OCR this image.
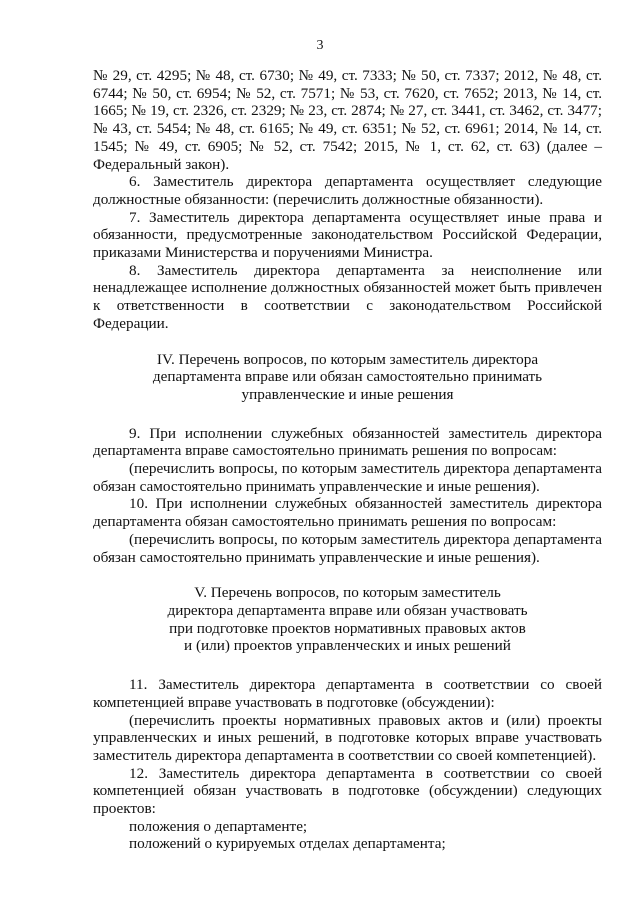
3

№ 29, ст. 4295; № 48, ст. 6730; № 49, ст. 7333; № 50, ст. 7337; 2012, № 48, ст. 6744; № 50, ст. 6954; № 52, ст. 7571; № 53, ст. 7620, ст. 7652; 2013, № 14, ст. 1665; № 19, ст. 2326, ст. 2329; № 23, ст. 2874; № 27, ст. 3441, ст. 3462, ст. 3477; № 43, ст. 5454; № 48, ст. 6165; № 49, ст. 6351; № 52, ст. 6961; 2014, № 14, ст. 1545; № 49, ст. 6905; № 52, ст. 7542; 2015, № 1, ст. 62, ст. 63) (далее – Федеральный закон).

6. Заместитель директора департамента осуществляет следующие должностные обязанности: (перечислить должностные обязанности).

7. Заместитель директора департамента осуществляет иные права и обязанности, предусмотренные законодательством Российской Федерации, приказами Министерства и поручениями Министра.

8. Заместитель директора департамента за неисполнение или ненадлежащее исполнение должностных обязанностей может быть привлечен к ответственности в соответствии с законодательством Российской Федерации.

IV. Перечень вопросов, по которым заместитель директора
департамента вправе или обязан самостоятельно принимать
управленческие и иные решения

9. При исполнении служебных обязанностей заместитель директора департамента вправе самостоятельно принимать решения по вопросам:

(перечислить вопросы, по которым заместитель директора департамента обязан самостоятельно принимать управленческие и иные решения).

10. При исполнении служебных обязанностей заместитель директора департамента обязан самостоятельно принимать решения по вопросам:

(перечислить вопросы, по которым заместитель директора департамента обязан самостоятельно принимать управленческие и иные решения).

V. Перечень вопросов, по которым заместитель
директора департамента вправе или обязан участвовать
при подготовке проектов нормативных правовых актов
и (или) проектов управленческих и иных решений

11. Заместитель директора департамента в соответствии со своей компетенцией вправе участвовать в подготовке (обсуждении):

(перечислить проекты нормативных правовых актов и (или) проекты управленческих и иных решений, в подготовке которых вправе участвовать заместитель директора департамента в соответствии со своей компетенцией).

12. Заместитель директора департамента в соответствии со своей компетенцией обязан участвовать в подготовке (обсуждении) следующих проектов:

положения о департаменте;

положений о курируемых отделах департамента;
